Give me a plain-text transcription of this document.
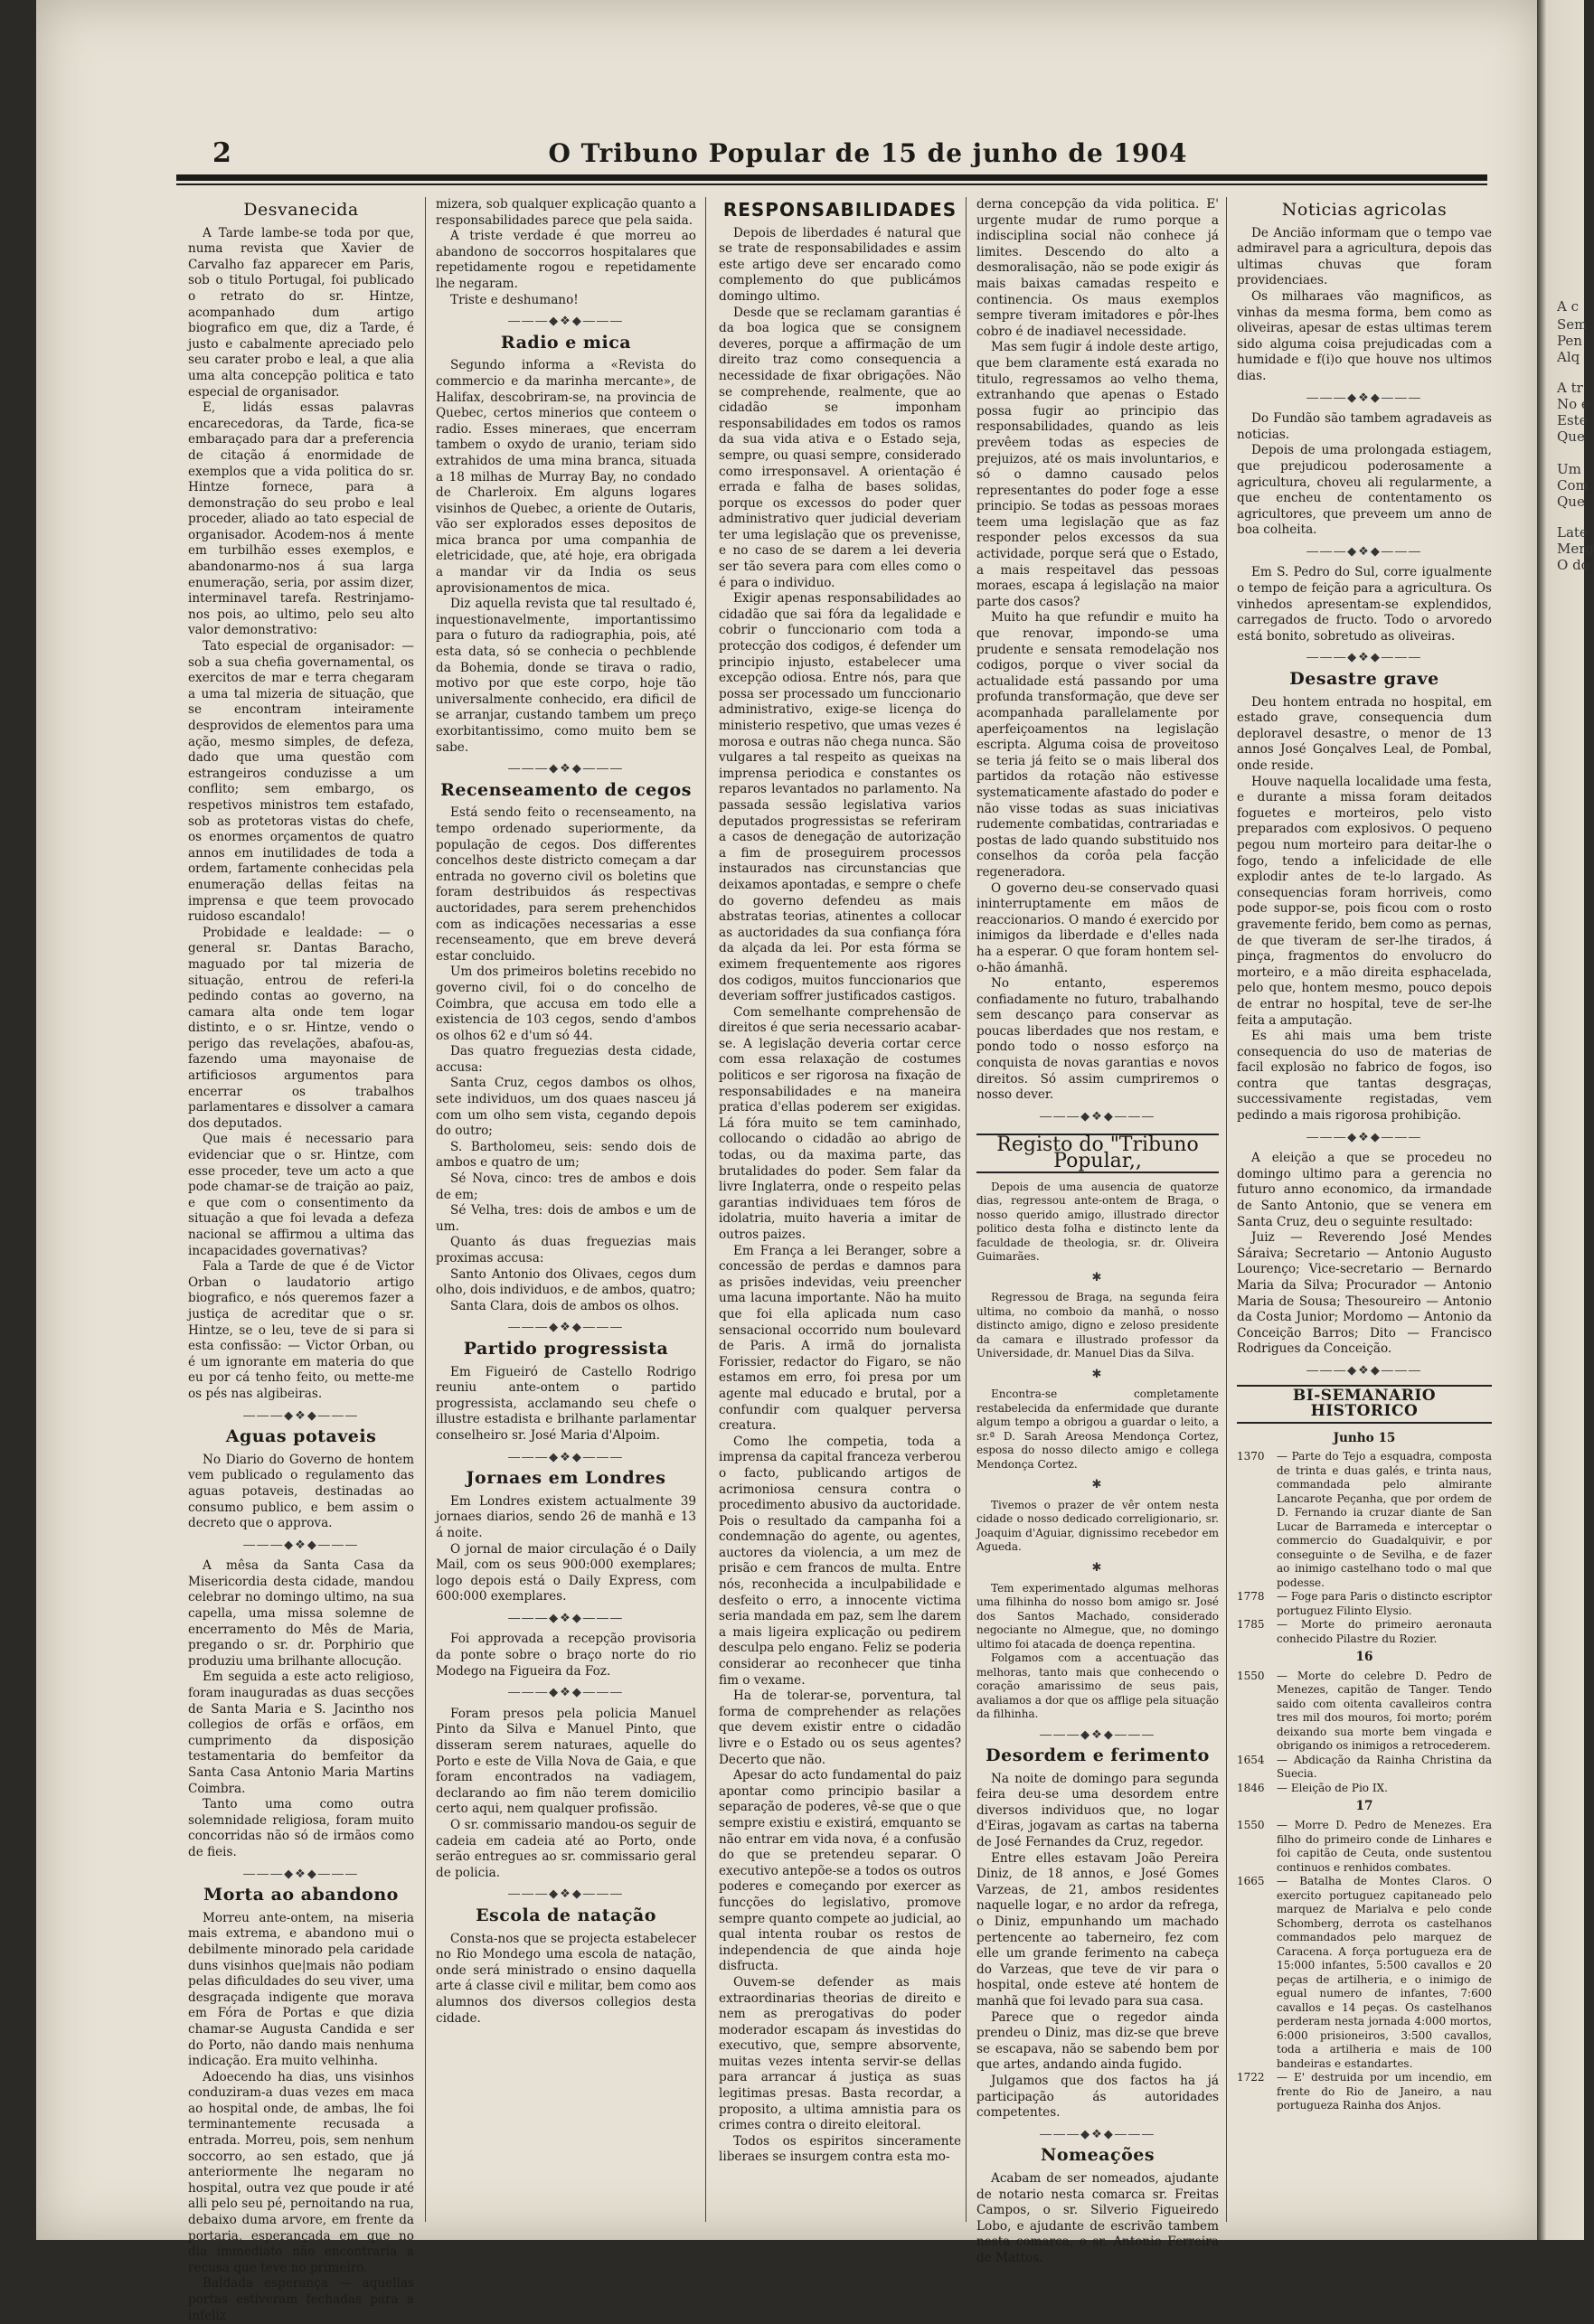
2	O Tribuno Popular de 15 de junho de 1904
Desvanecida

A Tarde lambe-se toda por que, numa revista que Xavier de Carvalho faz apparecer em Paris, sob o titulo Portugal, foi publicado o retrato do sr. Hintze, acompanhado dum artigo biografico em que, diz a Tarde, é justo e cabalmente apreciado pelo seu carater probo e leal, a que alia uma alta concepção politica e tato especial de organisador.

E, lidás essas palavras encarecedoras, da Tarde, fica-se embaraçado para dar a preferencia de citação á enormidade de exemplos que a vida politica do sr. Hintze fornece, para a demonstração do seu probo e leal proceder, aliado ao tato especial de organisador. Acodem-nos á mente em turbilhão esses exemplos, e abandonarmo-nos á sua larga enumeração, seria, por assim dizer, interminavel tarefa. Restrinjamo-nos pois, ao ultimo, pelo seu alto valor demonstrativo:

Tato especial de organisador: — sob a sua chefia governamental, os exercitos de mar e terra chegaram a uma tal mizeria de situação, que se encontram inteiramente desprovidos de elementos para uma ação, mesmo simples, de defeza, dado que uma questão com estrangeiros conduzisse a um conflito; sem embargo, os respetivos ministros tem estafado, sob as protetoras vistas do chefe, os enormes orçamentos de quatro annos em inutilidades de toda a ordem, fartamente conhecidas pela enumeração dellas feitas na imprensa e que teem provocado ruidoso escandalo!

Probidade e lealdade: — o general sr. Dantas Baracho, maguado por tal mizeria de situação, entrou de referi-la pedindo contas ao governo, na camara alta onde tem logar distinto, e o sr. Hintze, vendo o perigo das revelações, abafou-as, fazendo uma mayonaise de artificiosos argumentos para encerrar os trabalhos parlamentares e dissolver a camara dos deputados.

Que mais é necessario para evidenciar que o sr. Hintze, com esse proceder, teve um acto a que pode chamar-se de traição ao paiz, e que com o consentimento da situação a que foi levada a defeza nacional se affirmou a ultima das incapacidades governativas?

Fala a Tarde de que é de Victor Orban o laudatorio artigo biografico, e nós queremos fazer a justiça de acreditar que o sr. Hintze, se o leu, teve de si para si esta confissão: — Victor Orban, ou é um ignorante em materia do que eu por cá tenho feito, ou mette-me os pés nas algibeiras.

―――◆❖◆―――
Aguas potaveis

No Diario do Governo de hontem vem publicado o regulamento das aguas potaveis, destinadas ao consumo publico, e bem assim o decreto que o approva.

―――◆❖◆―――

A mêsa da Santa Casa da Misericordia desta cidade, mandou celebrar no domingo ultimo, na sua capella, uma missa solemne de encerramento do Mês de Maria, pregando o sr. dr. Porphirio que produziu uma brilhante allocução.

Em seguida a este acto religioso, foram inauguradas as duas secções de Santa Maria e S. Jacintho nos collegios de orfãs e orfãos, em cumprimento da disposição testamentaria do bemfeitor da Santa Casa Antonio Maria Martins Coimbra.

Tanto uma como outra solemnidade religiosa, foram muito concorridas não só de irmãos como de fieis.

―――◆❖◆―――
Morta ao abandono

Morreu ante-ontem, na miseria mais extrema, e abandono mui o debilmente minorado pela caridade duns visinhos que|mais não podiam pelas dificuldades do seu viver, uma desgraçada indigente que morava em Fóra de Portas e que dizia chamar-se Augusta Candida e ser do Porto, não dando mais nenhuma indicação. Era muito velhinha.

Adoecendo ha dias, uns visinhos conduziram-a duas vezes em maca ao hospital onde, de ambas, lhe foi terminantemente recusada a entrada. Morreu, pois, sem nenhum soccorro, ao sen estado, que já anteriormente lhe negaram no hospital, outra vez que poude ir até alli pelo seu pé, pernoitando na rua, debaixo duma arvore, em frente da portaria, esperançada em que no dia immediato não encontraria a recusa que teve no primeiro.

Baldada esperança — aquellas portas estiveram fechadas para a infeliz

mizera, sob qualquer explicação quanto a responsabilidades parece que pela saida.

A triste verdade é que morreu ao abandono de soccorros hospitalares que repetidamente rogou e repetidamente lhe negaram.

Triste e deshumano!

―――◆❖◆―――
Radio e mica

Segundo informa a «Revista do commercio e da marinha mercante», de Halifax, descobriram-se, na provincia de Quebec, certos minerios que conteem o radio. Esses mineraes, que encerram tambem o oxydo de uranio, teriam sido extrahidos de uma mina branca, situada a 18 milhas de Murray Bay, no condado de Charleroix. Em alguns logares visinhos de Quebec, a oriente de Outaris, vão ser explorados esses depositos de mica branca por uma companhia de eletricidade, que, até hoje, era obrigada a mandar vir da India os seus aprovisionamentos de mica.

Diz aquella revista que tal resultado é, inquestionavelmente, importantissimo para o futuro da radiographia, pois, até esta data, só se conhecia o pechblende da Bohemia, donde se tirava o radio, motivo por que este corpo, hoje tão universalmente conhecido, era dificil de se arranjar, custando tambem um preço exorbitantissimo, como muito bem se sabe.

―――◆❖◆―――
Recenseamento de cegos

Está sendo feito o recenseamento, na tempo ordenado superiormente, da população de cegos. Dos differentes concelhos deste districto começam a dar entrada no governo civil os boletins que foram destribuidos ás respectivas auctoridades, para serem prehenchidos com as indicações necessarias a esse recenseamento, que em breve deverá estar concluido.

Um dos primeiros boletins recebido no governo civil, foi o do concelho de Coimbra, que accusa em todo elle a existencia de 103 cegos, sendo d'ambos os olhos 62 e d'um só 44.

Das quatro freguezias desta cidade, accusa:

Santa Cruz, cegos dambos os olhos, sete individuos, um dos quaes nasceu já com um olho sem vista, cegando depois do outro;

S. Bartholomeu, seis: sendo dois de ambos e quatro de um;

Sé Nova, cinco: tres de ambos e dois de em;

Sé Velha, tres: dois de ambos e um de um.

Quanto ás duas freguezias mais proximas accusa:

Santo Antonio dos Olivaes, cegos dum olho, dois individuos, e de ambos, quatro;

Santa Clara, dois de ambos os olhos.

―――◆❖◆―――
Partido progressista

Em Figueiró de Castello Rodrigo reuniu ante-ontem o partido progressista, acclamando seu chefe o illustre estadista e brilhante parlamentar conselheiro sr. José Maria d'Alpoim.

―――◆❖◆―――
Jornaes em Londres

Em Londres existem actualmente 39 jornaes diarios, sendo 26 de manhã e 13 á noite.

O jornal de maior circulação é o Daily Mail, com os seus 900:000 exemplares; logo depois está o Daily Express, com 600:000 exemplares.

―――◆❖◆―――

Foi approvada a recepção provisoria da ponte sobre o braço norte do rio Modego na Figueira da Foz.

―――◆❖◆―――

Foram presos pela policia Manuel Pinto da Silva e Manuel Pinto, que disseram serem naturaes, aquelle do Porto e este de Villa Nova de Gaia, e que foram encontrados na vadiagem, declarando ao fim não terem domicilio certo aqui, nem qualquer profissão.

O sr. commissario mandou-os seguir de cadeia em cadeia até ao Porto, onde serão entregues ao sr. commissario geral de policia.

―――◆❖◆―――
Escola de natação

Consta-nos que se projecta estabelecer no Rio Mondego uma escola de natação, onde será ministrado o ensino daquella arte á classe civil e militar, bem como aos alumnos dos diversos collegios desta cidade.

RESPONSABILIDADES

Depois de liberdades é natural que se trate de responsabilidades e assim este artigo deve ser encarado como complemento do que publicámos domingo ultimo.

Desde que se reclamam garantias é da boa logica que se consignem deveres, porque a affirmação de um direito traz como consequencia a necessidade de fixar obrigações. Não se comprehende, realmente, que ao cidadão se imponham responsabilidades em todos os ramos da sua vida ativa e o Estado seja, sempre, ou quasi sempre, considerado como irresponsavel. A orientação é errada e falha de bases solidas, porque os excessos do poder quer administrativo quer judicial deveriam ter uma legislação que os prevenisse, e no caso de se darem a lei deveria ser tão severa para com elles como o é para o individuo.

Exigir apenas responsabilidades ao cidadão que sai fóra da legalidade e cobrir o funccionario com toda a protecção dos codigos, é defender um principio injusto, estabelecer uma excepção odiosa. Entre nós, para que possa ser processado um funccionario administrativo, exige-se licença do ministerio respetivo, que umas vezes é morosa e outras não chega nunca. São vulgares a tal respeito as queixas na imprensa periodica e constantes os reparos levantados no parlamento. Na passada sessão legislativa varios deputados progressistas se referiram a casos de denegação de autorização a fim de proseguirem processos instaurados nas circunstancias que deixamos apontadas, e sempre o chefe do governo defendeu as mais abstratas teorias, atinentes a collocar as auctoridades da sua confiança fóra da alçada da lei. Por esta fórma se eximem frequentemente aos rigores dos codigos, muitos funccionarios que deveriam soffrer justificados castigos.

Com semelhante comprehensão de direitos é que seria necessario acabar-se. A legislação deveria cortar cerce com essa relaxação de costumes politicos e ser rigorosa na fixação de responsabilidades e na maneira pratica d'ellas poderem ser exigidas. Lá fóra muito se tem caminhado, collocando o cidadão ao abrigo de todas, ou da maxima parte, das brutalidades do poder. Sem falar da livre Inglaterra, onde o respeito pelas garantias individuaes tem fóros de idolatria, muito haveria a imitar de outros paizes.

Em França a lei Beranger, sobre a concessão de perdas e damnos para as prisões indevidas, veiu preencher uma lacuna importante. Não ha muito que foi ella aplicada num caso sensacional occorrido num boulevard de Paris. A irmã do jornalista Forissier, redactor do Figaro, se não estamos em erro, foi presa por um agente mal educado e brutal, por a confundir com qualquer perversa creatura.

Como lhe competia, toda a imprensa da capital franceza verberou o facto, publicando artigos de acrimoniosa censura contra o procedimento abusivo da auctoridade. Pois o resultado da campanha foi a condemnação do agente, ou agentes, auctores da violencia, a um mez de prisão e cem francos de multa. Entre nós, reconhecida a inculpabilidade e desfeito o erro, a innocente victima seria mandada em paz, sem lhe darem a mais ligeira explicação ou pedirem desculpa pelo engano. Feliz se poderia considerar ao reconhecer que tinha fim o vexame.

Ha de tolerar-se, porventura, tal forma de comprehender as relações que devem existir entre o cidadão livre e o Estado ou os seus agentes? Decerto que não.

Apesar do acto fundamental do paiz apontar como principio basilar a separação de poderes, vê-se que o que sempre existiu e existirá, emquanto se não entrar em vida nova, é a confusão do que se pretendeu separar. O executivo antepõe-se a todos os outros poderes e começando por exercer as funcções do legislativo, promove sempre quanto compete ao judicial, ao qual intenta roubar os restos de independencia de que ainda hoje disfructa.

Ouvem-se defender as mais extraordinarias theorias de direito e nem as prerogativas do poder moderador escapam ás investidas do executivo, que, sempre absorvente, muitas vezes intenta servir-se dellas para arrancar á justiça as suas legitimas presas. Basta recordar, a proposito, a ultima amnistia para os crimes contra o direito eleitoral.

Todos os espiritos sinceramente liberaes se insurgem contra esta mo-

derna concepção da vida politica. E' urgente mudar de rumo porque a indisciplina social não conhece já limites. Descendo do alto a desmoralisação, não se pode exigir ás mais baixas camadas respeito e continencia. Os maus exemplos sempre tiveram imitadores e pôr-lhes cobro é de inadiavel necessidade.

Mas sem fugir á indole deste artigo, que bem claramente está exarada no titulo, regressamos ao velho thema, extranhando que apenas o Estado possa fugir ao principio das responsabilidades, quando as leis prevêem todas as especies de prejuizos, até os mais involuntarios, e só o damno causado pelos representantes do poder foge a esse principio. Se todas as pessoas moraes teem uma legislação que as faz responder pelos excessos da sua actividade, porque será que o Estado, a mais respeitavel das pessoas moraes, escapa á legislação na maior parte dos casos?

Muito ha que refundir e muito ha que renovar, impondo-se uma prudente e sensata remodelação nos codigos, porque o viver social da actualidade está passando por uma profunda transformação, que deve ser acompanhada parallelamente por aperfeiçoamentos na legislação escripta. Alguma coisa de proveitoso se teria já feito se o mais liberal dos partidos da rotação não estivesse systematicamente afastado do poder e não visse todas as suas iniciativas rudemente combatidas, contrariadas e postas de lado quando substituido nos conselhos da corôa pela facção regeneradora.

O governo deu-se conservado quasi ininterruptamente em mãos de reaccionarios. O mando é exercido por inimigos da liberdade e d'elles nada ha a esperar. O que foram hontem sel-o-hão ámanhã.

No entanto, esperemos confiadamente no futuro, trabalhando sem descanço para conservar as poucas liberdades que nos restam, e pondo todo o nosso esforço na conquista de novas garantias e novos direitos. Só assim cumpriremos o nosso dever.

―――◆❖◆―――
Registo do "Tribuno Popular,,

Depois de uma ausencia de quatorze dias, regressou ante-ontem de Braga, o nosso querido amigo, illustrado director politico desta folha e distincto lente da faculdade de theologia, sr. dr. Oliveira Guimarães.

✱

Regressou de Braga, na segunda feira ultima, no comboio da manhã, o nosso distincto amigo, digno e zeloso presidente da camara e illustrado professor da Universidade, dr. Manuel Dias da Silva.

✱

Encontra-se completamente restabelecida da enfermidade que durante algum tempo a obrigou a guardar o leito, a sr.ª D. Sarah Areosa Mendonça Cortez, esposa do nosso dilecto amigo e collega Mendonça Cortez.

✱

Tivemos o prazer de vêr ontem nesta cidade o nosso dedicado correligionario, sr. Joaquim d'Aguiar, dignissimo recebedor em Agueda.

✱

Tem experimentado algumas melhoras uma filhinha do nosso bom amigo sr. José dos Santos Machado, considerado negociante no Almegue, que, no domingo ultimo foi atacada de doença repentina.

Folgamos com a accentuação das melhoras, tanto mais que conhecendo o coração amarissimo de seus pais, avaliamos a dor que os afflige pela situação da filhinha.

―――◆❖◆―――
Desordem e ferimento

Na noite de domingo para segunda feira deu-se uma desordem entre diversos individuos que, no logar d'Eiras, jogavam as cartas na taberna de José Fernandes da Cruz, regedor.

Entre elles estavam João Pereira Diniz, de 18 annos, e José Gomes Varzeas, de 21, ambos residentes naquelle logar, e no ardor da refrega, o Diniz, empunhando um machado pertencente ao taberneiro, fez com elle um grande ferimento na cabeça do Varzeas, que teve de vir para o hospital, onde esteve até hontem de manhã que foi levado para sua casa.

Parece que o regedor ainda prendeu o Diniz, mas diz-se que breve se escapava, não se sabendo bem por que artes, andando ainda fugido.

Julgamos que dos factos ha já participação ás autoridades competentes.

―――◆❖◆―――
Nomeações

Acabam de ser nomeados, ajudante de notario nesta comarca sr. Freitas Campos, o sr. Silverio Figueiredo Lobo, e ajudante de escrivão tambem nesta comarca, o sr. Antonio Ferreira de Mattos.

Noticias agricolas

De Ancião informam que o tempo vae admiravel para a agricultura, depois das ultimas chuvas que foram providenciaes.

Os milharaes vão magnificos, as vinhas da mesma forma, bem como as oliveiras, apesar de estas ultimas terem sido alguma coisa prejudicadas com a humidade e f(i)o que houve nos ultimos dias.

―――◆❖◆―――

Do Fundão são tambem agradaveis as noticias.

Depois de uma prolongada estiagem, que prejudicou poderosamente a agricultura, choveu ali regularmente, a que encheu de contentamento os agricultores, que preveem um anno de boa colheita.

―――◆❖◆―――

Em S. Pedro do Sul, corre igualmente o tempo de feição para a agricultura. Os vinhedos apresentam-se explendidos, carregados de fructo. Todo o arvoredo está bonito, sobretudo as oliveiras.

―――◆❖◆―――
Desastre grave

Deu hontem entrada no hospital, em estado grave, consequencia dum deploravel desastre, o menor de 13 annos José Gonçalves Leal, de Pombal, onde reside.

Houve naquella localidade uma festa, e durante a missa foram deitados foguetes e morteiros, pelo visto preparados com explosivos. O pequeno pegou num morteiro para deitar-lhe o fogo, tendo a infelicidade de elle explodir antes de te-lo largado. As consequencias foram horriveis, como pode suppor-se, pois ficou com o rosto gravemente ferido, bem como as pernas, de que tiveram de ser-lhe tirados, á pinça, fragmentos do envolucro do morteiro, e a mão direita esphacelada, pelo que, hontem mesmo, pouco depois de entrar no hospital, teve de ser-lhe feita a amputação.

Es ahi mais uma bem triste consequencia do uso de materias de facil explosão no fabrico de fogos, iso contra que tantas desgraças, successivamente registadas, vem pedindo a mais rigorosa prohibição.

―――◆❖◆―――

A eleição a que se procedeu no domingo ultimo para a gerencia no futuro anno economico, da irmandade de Santo Antonio, que se venera em Santa Cruz, deu o seguinte resultado:

Juiz — Reverendo José Mendes Sáraiva; Secretario — Antonio Augusto Lourenço; Vice-secretario — Bernardo Maria da Silva; Procurador — Antonio Maria de Sousa; Thesoureiro — Antonio da Costa Junior; Mordomo — Antonio da Conceição Barros; Dito — Francisco Rodrigues da Conceição.

―――◆❖◆―――
BI-SEMANARIO HISTORICO
Junho 15
1370	— Parte do Tejo a esquadra, composta de trinta e duas galés, e trinta naus, commandada pelo almirante Lancarote Peçanha, que por ordem de D. Fernando ia cruzar diante de San Lucar de Barrameda e interceptar o commercio do Guadalquivir, e por conseguinte o de Sevilha, e de fazer ao inimigo castelhano todo o mal que podesse.
1778	— Foge para Paris o distincto escriptor portuguez Filinto Elysio.
1785	— Morte do primeiro aeronauta conhecido Pilastre du Rozier.
16
1550	— Morte do celebre D. Pedro de Menezes, capitão de Tanger. Tendo saido com oitenta cavalleiros contra tres mil dos mouros, foi morto; porém deixando sua morte bem vingada e obrigando os inimigos a retrocederem.
1654	— Abdicação da Rainha Christina da Suecia.
1846	— Eleição de Pio IX.
17
1550	— Morre D. Pedro de Menezes. Era filho do primeiro conde de Linhares e foi capitão de Ceuta, onde sustentou continuos e renhidos combates.
1665	— Batalha de Montes Claros. O exercito portuguez capitaneado pelo marquez de Marialva e pelo conde Schomberg, derrota os castelhanos commandados pelo marquez de Caracena. A força portugueza era de 15:000 infantes, 5:500 cavallos e 20 peças de artilheria, e o inimigo de egual numero de infantes, 7:600 cavallos e 14 peças. Os castelhanos perderam nesta jornada 4:000 mortos, 6:000 prisioneiros, 3:500 cavallos, toda a artilheria e mais de 100 bandeiras e estandartes.
1722	— E' destruida por um incendio, em frente do Rio de Janeiro, a nau portugueza Rainha dos Anjos.
A c
Sem
Pen
Alq
A tr
No e
Este
Que
Um
Com
Que
Late
Merg
O do
